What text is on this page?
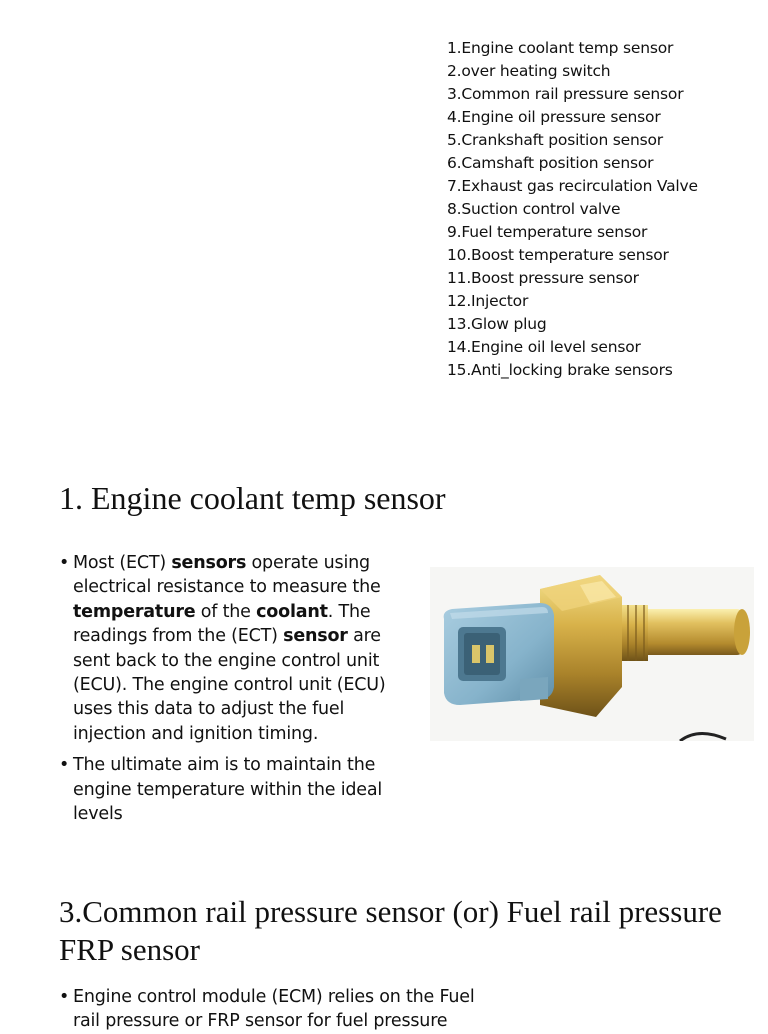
1.Engine coolant temp sensor
2.over heating switch
3.Common rail pressure sensor
4.Engine oil pressure sensor
5.Crankshaft position sensor
6.Camshaft position sensor
7.Exhaust gas recirculation Valve
8.Suction control valve
9.Fuel temperature sensor
10.Boost temperature sensor
11.Boost pressure sensor
12.Injector
13.Glow plug
14.Engine oil level sensor
15.Anti_locking brake sensors
1. Engine coolant temp sensor
• Most (ECT) sensors operate using electrical resistance to measure the temperature of the coolant. The readings from the (ECT) sensor are sent back to the engine control unit (ECU). The engine control unit (ECU) uses this data to adjust the fuel injection and ignition timing.
• The ultimate aim is to maintain the engine temperature within the ideal levels
3.Common rail pressure sensor (or) Fuel rail pressure FRP sensor
• Engine control module (ECM) relies on the Fuel rail pressure or FRP sensor for fuel pressure
